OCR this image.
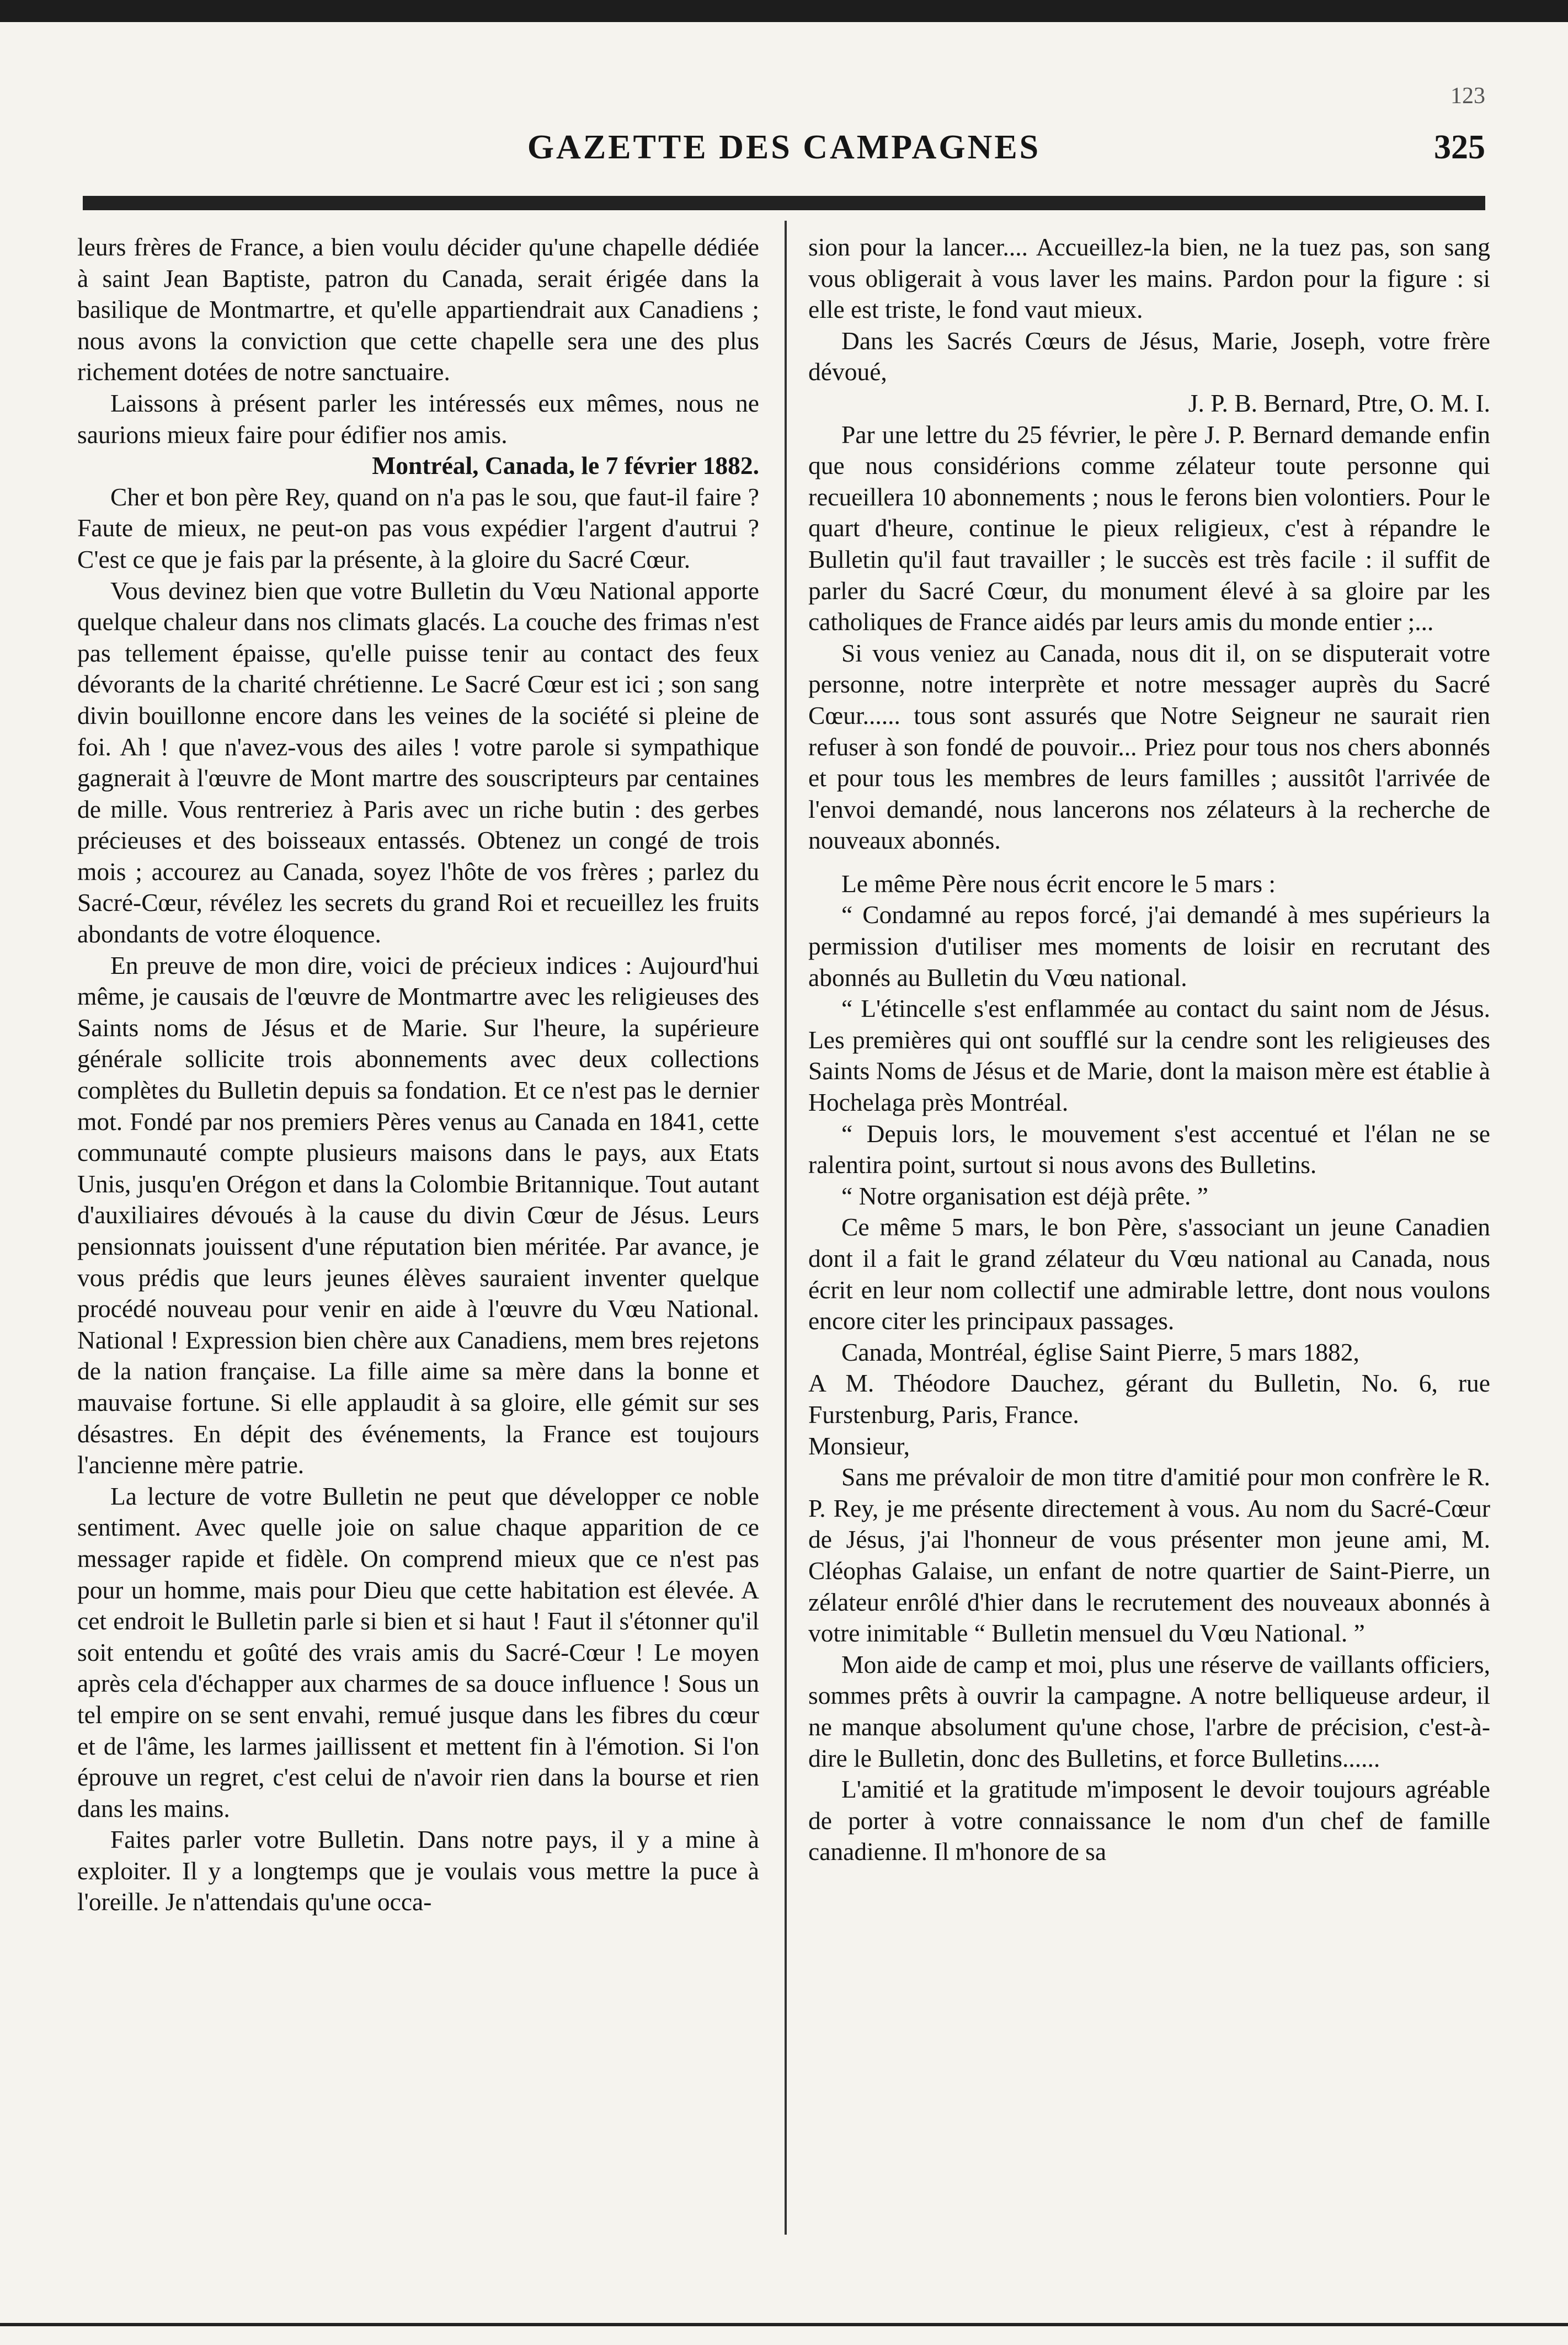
123
GAZETTE DES CAMPAGNES	325

leurs frères de France, a bien voulu décider qu'une chapelle dédiée à saint Jean Baptiste, patron du Canada, serait érigée dans la basilique de Montmartre, et qu'elle appartiendrait aux Canadiens ; nous avons la conviction que cette chapelle sera une des plus richement dotées de notre sanctuaire.

Laissons à présent parler les intéressés eux mêmes, nous ne saurions mieux faire pour édifier nos amis.

Montréal, Canada, le 7 février 1882.

Cher et bon père Rey, quand on n'a pas le sou, que faut-il faire ? Faute de mieux, ne peut-on pas vous expédier l'argent d'autrui ? C'est ce que je fais par la présente, à la gloire du Sacré Cœur.

Vous devinez bien que votre Bulletin du Vœu National apporte quelque chaleur dans nos climats glacés. La couche des frimas n'est pas tellement épaisse, qu'elle puisse tenir au contact des feux dévorants de la charité chrétienne. Le Sacré Cœur est ici ; son sang divin bouillonne encore dans les veines de la société si pleine de foi. Ah ! que n'avez-vous des ailes ! votre parole si sympathique gagnerait à l'œuvre de Mont martre des souscripteurs par centaines de mille. Vous rentreriez à Paris avec un riche butin : des gerbes précieuses et des boisseaux entassés. Obtenez un congé de trois mois ; accourez au Canada, soyez l'hôte de vos frères ; parlez du Sacré-Cœur, révélez les secrets du grand Roi et recueillez les fruits abondants de votre éloquence.

En preuve de mon dire, voici de précieux indices : Aujourd'hui même, je causais de l'œuvre de Montmartre avec les religieuses des Saints noms de Jésus et de Marie. Sur l'heure, la supérieure générale sollicite trois abonnements avec deux collections complètes du Bulletin depuis sa fondation. Et ce n'est pas le dernier mot. Fondé par nos premiers Pères venus au Canada en 1841, cette communauté compte plusieurs maisons dans le pays, aux Etats Unis, jusqu'en Orégon et dans la Colombie Britannique. Tout autant d'auxiliaires dévoués à la cause du divin Cœur de Jésus. Leurs pensionnats jouissent d'une réputation bien méritée. Par avance, je vous prédis que leurs jeunes élèves sauraient inventer quelque procédé nouveau pour venir en aide à l'œuvre du Vœu National. National ! Expression bien chère aux Canadiens, mem bres rejetons de la nation française. La fille aime sa mère dans la bonne et mauvaise fortune. Si elle applaudit à sa gloire, elle gémit sur ses désastres. En dépit des événements, la France est toujours l'ancienne mère patrie.

La lecture de votre Bulletin ne peut que développer ce noble sentiment. Avec quelle joie on salue chaque apparition de ce messager rapide et fidèle. On comprend mieux que ce n'est pas pour un homme, mais pour Dieu que cette habitation est élevée. A cet endroit le Bulletin parle si bien et si haut ! Faut il s'étonner qu'il soit entendu et goûté des vrais amis du Sacré-Cœur ! Le moyen après cela d'échapper aux charmes de sa douce influence ! Sous un tel empire on se sent envahi, remué jusque dans les fibres du cœur et de l'âme, les larmes jaillissent et mettent fin à l'émotion. Si l'on éprouve un regret, c'est celui de n'avoir rien dans la bourse et rien dans les mains.

Faites parler votre Bulletin. Dans notre pays, il y a mine à exploiter. Il y a longtemps que je voulais vous mettre la puce à l'oreille. Je n'attendais qu'une occa-

sion pour la lancer.... Accueillez-la bien, ne la tuez pas, son sang vous obligerait à vous laver les mains. Pardon pour la figure : si elle est triste, le fond vaut mieux.

Dans les Sacrés Cœurs de Jésus, Marie, Joseph, votre frère dévoué,

J. P. B. Bernard, Ptre, O. M. I.

Par une lettre du 25 février, le père J. P. Bernard demande enfin que nous considérions comme zélateur toute personne qui recueillera 10 abonnements ; nous le ferons bien volontiers. Pour le quart d'heure, continue le pieux religieux, c'est à répandre le Bulletin qu'il faut travailler ; le succès est très facile : il suffit de parler du Sacré Cœur, du monument élevé à sa gloire par les catholiques de France aidés par leurs amis du monde entier ;...

Si vous veniez au Canada, nous dit il, on se disputerait votre personne, notre interprète et notre messager auprès du Sacré Cœur...... tous sont assurés que Notre Seigneur ne saurait rien refuser à son fondé de pouvoir... Priez pour tous nos chers abonnés et pour tous les membres de leurs familles ; aussitôt l'arrivée de l'envoi demandé, nous lancerons nos zélateurs à la recherche de nouveaux abonnés.

Le même Père nous écrit encore le 5 mars :

“ Condamné au repos forcé, j'ai demandé à mes supérieurs la permission d'utiliser mes moments de loisir en recrutant des abonnés au Bulletin du Vœu national.

“ L'étincelle s'est enflammée au contact du saint nom de Jésus. Les premières qui ont soufflé sur la cendre sont les religieuses des Saints Noms de Jésus et de Marie, dont la maison mère est établie à Hochelaga près Montréal.

“ Depuis lors, le mouvement s'est accentué et l'élan ne se ralentira point, surtout si nous avons des Bulletins.

“ Notre organisation est déjà prête. ”

Ce même 5 mars, le bon Père, s'associant un jeune Canadien dont il a fait le grand zélateur du Vœu national au Canada, nous écrit en leur nom collectif une admirable lettre, dont nous voulons encore citer les principaux passages.

Canada, Montréal, église Saint Pierre, 5 mars 1882,

A M. Théodore Dauchez, gérant du Bulletin, No. 6, rue Furstenburg, Paris, France.

Monsieur,

Sans me prévaloir de mon titre d'amitié pour mon confrère le R. P. Rey, je me présente directement à vous. Au nom du Sacré-Cœur de Jésus, j'ai l'honneur de vous présenter mon jeune ami, M. Cléophas Galaise, un enfant de notre quartier de Saint-Pierre, un zélateur enrôlé d'hier dans le recrutement des nouveaux abonnés à votre inimitable “ Bulletin mensuel du Vœu National. ”

Mon aide de camp et moi, plus une réserve de vaillants officiers, sommes prêts à ouvrir la campagne. A notre belliqueuse ardeur, il ne manque absolument qu'une chose, l'arbre de précision, c'est-à-dire le Bulletin, donc des Bulletins, et force Bulletins......

L'amitié et la gratitude m'imposent le devoir toujours agréable de porter à votre connaissance le nom d'un chef de famille canadienne. Il m'honore de sa
